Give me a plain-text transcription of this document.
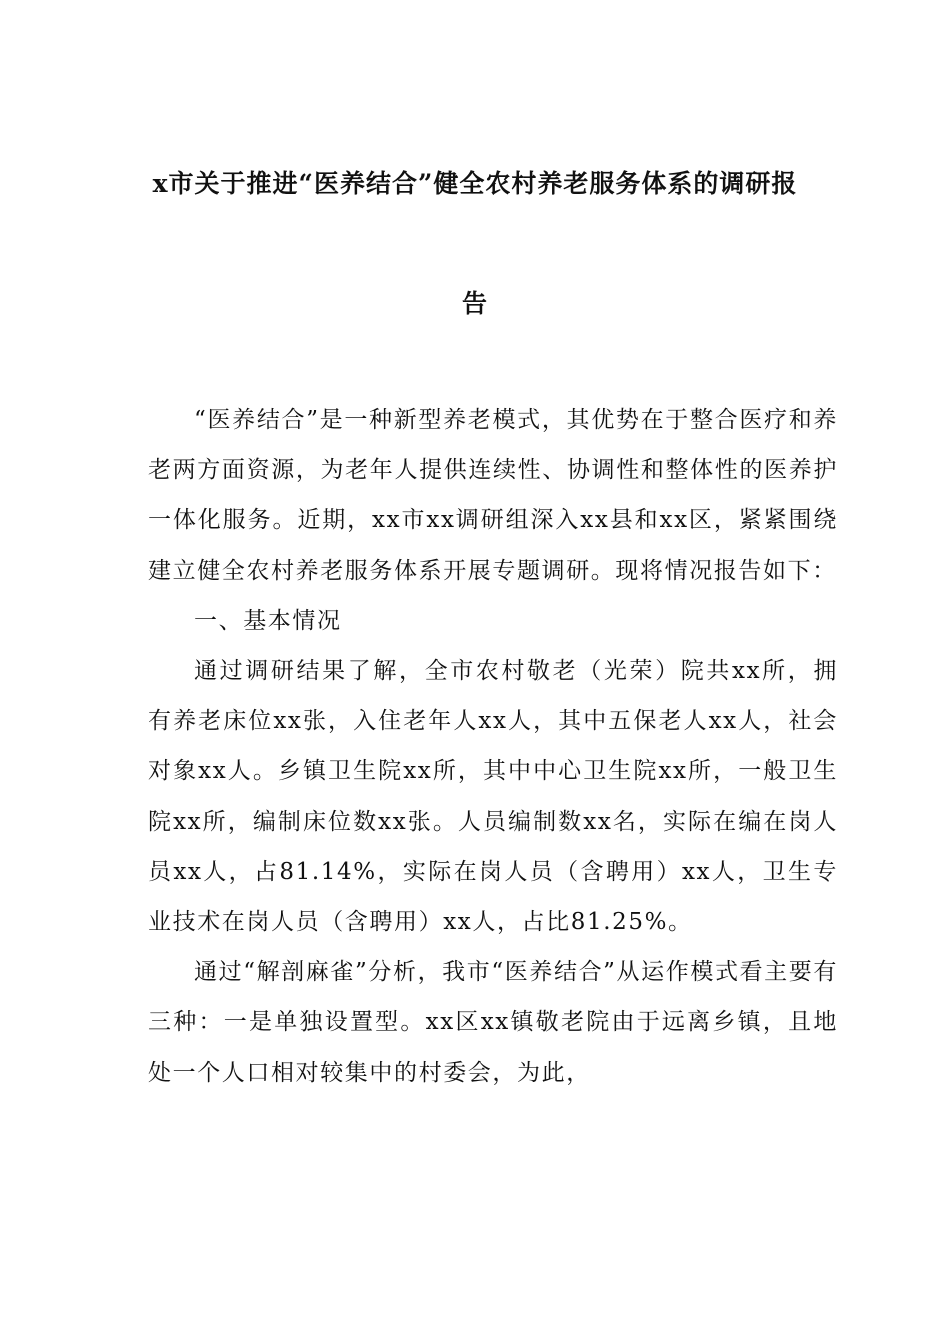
x市关于推进“医养结合”健全农村养老服务体系的调研报
告

“医养结合”是一种新型养老模式，其优势在于整合医疗和养老两方面资源，为老年人提供连续性、协调性和整体性的医养护一体化服务。近期，xx市xx调研组深入xx县和xx区，紧紧围绕建立健全农村养老服务体系开展专题调研。现将情况报告如下：

一、基本情况

通过调研结果了解，全市农村敬老（光荣）院共xx所，拥有养老床位xx张，入住老年人xx人，其中五保老人xx人，社会对象xx人。乡镇卫生院xx所，其中中心卫生院xx所，一般卫生院xx所，编制床位数xx张。人员编制数xx名，实际在编在岗人员xx人，占81.14%，实际在岗人员（含聘用）xx人，卫生专业技术在岗人员（含聘用）xx人，占比81.25%。

通过“解剖麻雀”分析，我市“医养结合”从运作模式看主要有三种：一是单独设置型。xx区xx镇敬老院由于远离乡镇，且地处一个人口相对较集中的村委会，为此，
